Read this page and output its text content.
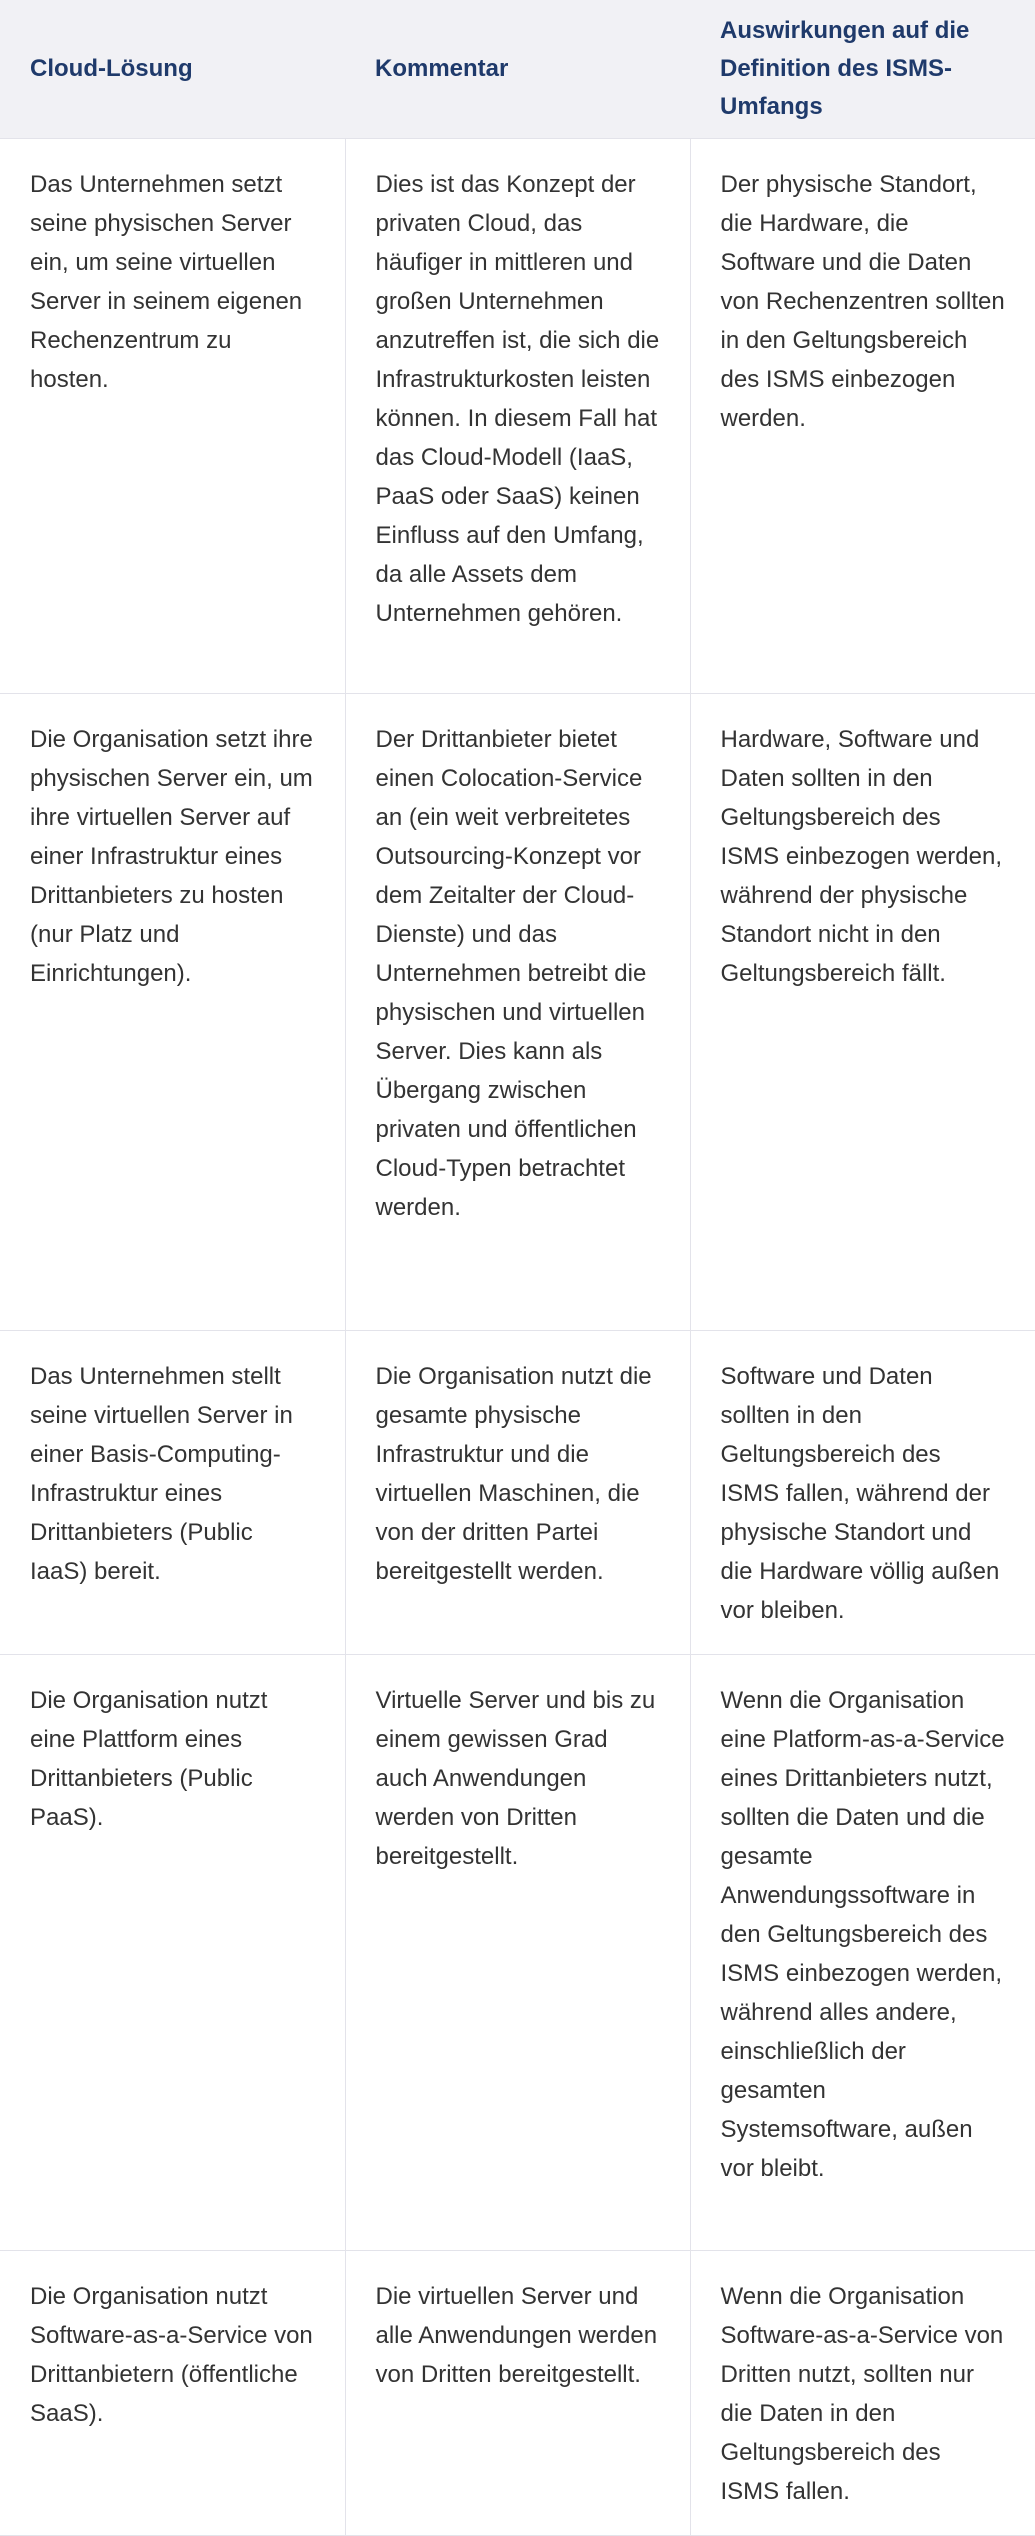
Cloud-Lösung	Kommentar	Auswirkungen auf die Definition des ISMS-Umfangs
Das Unternehmen setzt seine physischen Server ein, um seine virtuellen Server in seinem eigenen Rechenzentrum zu hosten.	Dies ist das Konzept der privaten Cloud, das häufiger in mittleren und großen Unternehmen anzutreffen ist, die sich die Infrastrukturkosten leisten können. In diesem Fall hat das Cloud-Modell (IaaS, PaaS oder SaaS) keinen Einfluss auf den Umfang, da alle Assets dem Unternehmen gehören.	Der physische Standort, die Hardware, die Software und die Daten von Rechenzentren sollten in den Geltungsbereich des ISMS einbezogen werden.
Die Organisation setzt ihre physischen Server ein, um ihre virtuellen Server auf einer Infrastruktur eines Drittanbieters zu hosten (nur Platz und Einrichtungen).	Der Drittanbieter bietet einen Colocation-Service an (ein weit verbreitetes Outsourcing-Konzept vor dem Zeitalter der Cloud-Dienste) und das Unternehmen betreibt die physischen und virtuellen Server. Dies kann als Übergang zwischen privaten und öffentlichen Cloud-Typen betrachtet werden.	Hardware, Software und Daten sollten in den Geltungsbereich des ISMS einbezogen werden, während der physische Standort nicht in den Geltungsbereich fällt.
Das Unternehmen stellt seine virtuellen Server in einer Basis-Computing-Infrastruktur eines Drittanbieters (Public IaaS) bereit.	Die Organisation nutzt die gesamte physische Infrastruktur und die virtuellen Maschinen, die von der dritten Partei bereitgestellt werden.	Software und Daten sollten in den Geltungsbereich des ISMS fallen, während der physische Standort und die Hardware völlig außen vor bleiben.
Die Organisation nutzt eine Plattform eines Drittanbieters (Public PaaS).	Virtuelle Server und bis zu einem gewissen Grad auch Anwendungen werden von Dritten bereitgestellt.	Wenn die Organisation eine Platform-as-a-Service eines Drittanbieters nutzt, sollten die Daten und die gesamte Anwendungssoftware in den Geltungsbereich des ISMS einbezogen werden, während alles andere, einschließlich der gesamten Systemsoftware, außen vor bleibt.
Die Organisation nutzt Software-as-a-Service von Drittanbietern (öffentliche SaaS).	Die virtuellen Server und alle Anwendungen werden von Dritten bereitgestellt.	Wenn die Organisation Software-as-a-Service von Dritten nutzt, sollten nur die Daten in den Geltungsbereich des ISMS fallen.
